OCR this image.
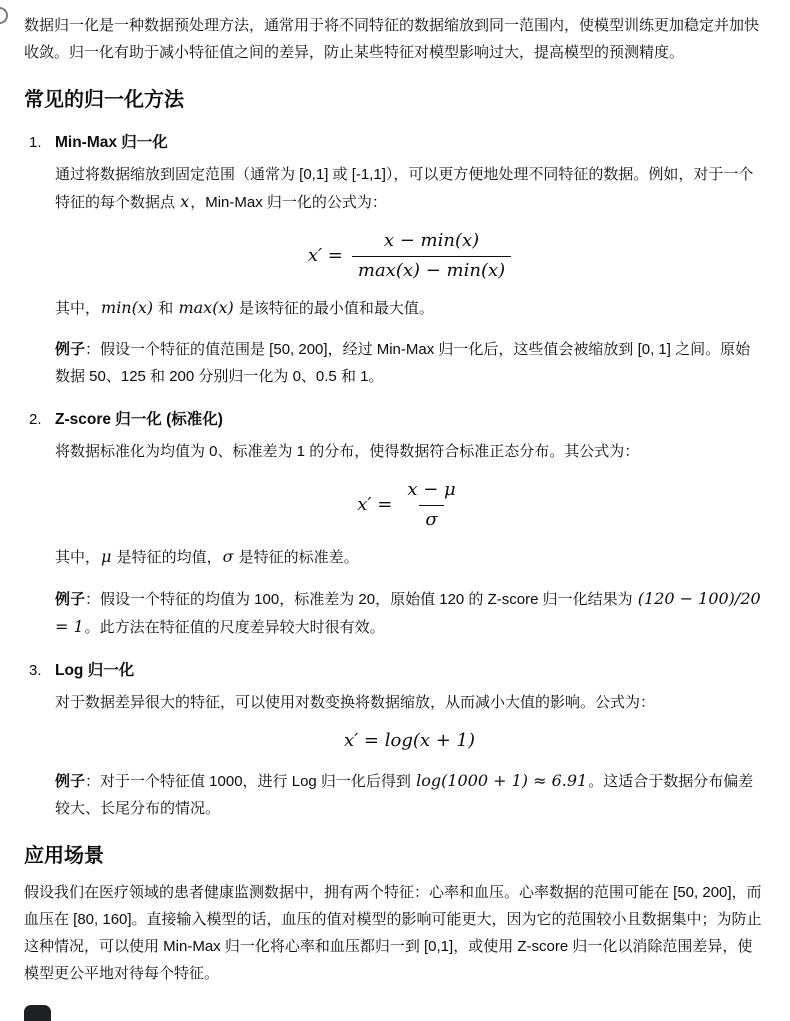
数据归一化是一种数据预处理方法，通常用于将不同特征的数据缩放到同一范围内，使模型训练更加稳定并加快收敛。归一化有助于减小特征值之间的差异，防止某些特征对模型影响过大，提高模型的预测精度。

常见的归一化方法
1. Min-Max 归一化

通过将数据缩放到固定范围（通常为 [0,1] 或 [-1,1]），可以更方便地处理不同特征的数据。例如，对于一个特征的每个数据点 x，Min-Max 归一化的公式为：

$x' = \frac{x - \min(x)}{\max(x) - \min(x)}$

其中，min(x) 和 max(x) 是该特征的最小值和最大值。

例子：假设一个特征的值范围是 [50, 200]，经过 Min-Max 归一化后，这些值会被缩放到 [0, 1] 之间。原始数据 50、125 和 200 分别归一化为 0、0.5 和 1。

2. Z-score 归一化 (标准化)

将数据标准化为均值为 0、标准差为 1 的分布，使得数据符合标准正态分布。其公式为：

$x' = \frac{x - \mu}{\sigma}$

其中，μ 是特征的均值，σ 是特征的标准差。

例子：假设一个特征的均值为 100，标准差为 20，原始值 120 的 Z-score 归一化结果为 (120 − 100)/20 = 1。此方法在特征值的尺度差异较大时很有效。

3. Log 归一化

对于数据差异很大的特征，可以使用对数变换将数据缩放，从而减小大值的影响。公式为：

x′ = log(x + 1)

例子：对于一个特征值 1000，进行 Log 归一化后得到 log(1000 + 1) ≈ 6.91。这适合于数据分布偏差较大、长尾分布的情况。

应用场景

假设我们在医疗领域的患者健康监测数据中，拥有两个特征：心率和血压。心率数据的范围可能在 [50, 200]，而血压在 [80, 160]。直接输入模型的话，血压的值对模型的影响可能更大，因为它的范围较小且数据集中；为防止这种情况，可以使用 Min-Max 归一化将心率和血压都归一到 [0,1]，或使用 Z-score 归一化以消除范围差异，使模型更公平地对待每个特征。
